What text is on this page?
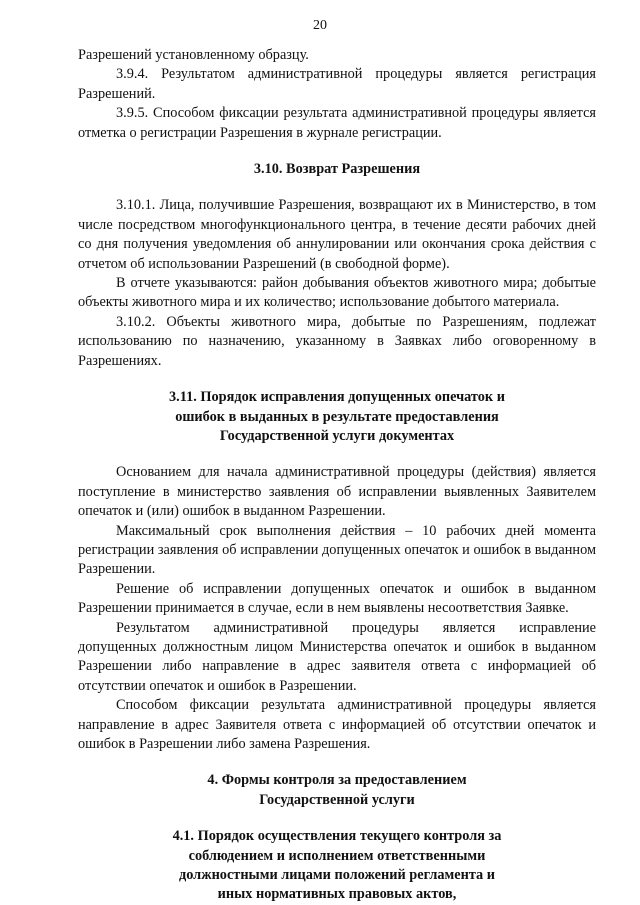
20

Разрешений установленному образцу.

3.9.4. Результатом административной процедуры является регистрация Разрешений.

3.9.5. Способом фиксации результата административной процедуры является отметка о регистрации Разрешения в журнале регистрации.

3.10. Возврат Разрешения

3.10.1. Лица, получившие Разрешения, возвращают их в Министерство, в том числе посредством многофункционального центра, в течение десяти рабочих дней со дня получения уведомления об аннулировании или окончания срока действия с отчетом об использовании Разрешений (в свободной форме).

В отчете указываются: район добывания объектов животного мира; добытые объекты животного мира и их количество; использование добытого материала.

3.10.2. Объекты животного мира, добытые по Разрешениям, подлежат использованию по назначению, указанному в Заявках либо оговоренному в Разрешениях.

3.11. Порядок исправления допущенных опечаток и
ошибок в выданных в результате предоставления
Государственной услуги документах

Основанием для начала административной процедуры (действия) является поступление в министерство заявления об исправлении выявленных Заявителем опечаток и (или) ошибок в выданном Разрешении.

Максимальный срок выполнения действия – 10 рабочих дней момента регистрации заявления об исправлении допущенных опечаток и ошибок в выданном Разрешении.

Решение об исправлении допущенных опечаток и ошибок в выданном Разрешении принимается в случае, если в нем выявлены несоответствия Заявке.

Результатом административной процедуры является исправление допущенных должностным лицом Министерства опечаток и ошибок в выданном Разрешении либо направление в адрес заявителя ответа с информацией об отсутствии опечаток и ошибок в Разрешении.

Способом фиксации результата административной процедуры является направление в адрес Заявителя ответа с информацией об отсутствии опечаток и ошибок в Разрешении либо замена Разрешения.

4. Формы контроля за предоставлением
Государственной услуги
4.1. Порядок осуществления текущего контроля за
соблюдением и исполнением ответственными
должностными лицами положений регламента и
иных нормативных правовых актов,
